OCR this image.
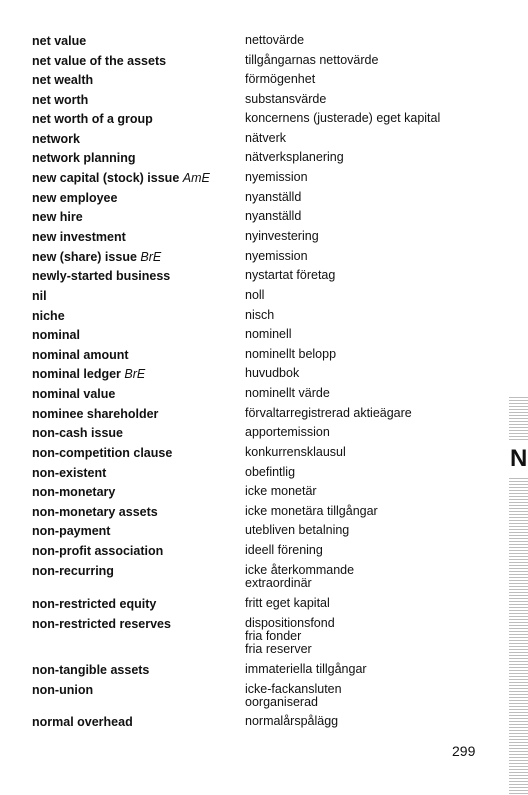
net value	nettovärde
net value of the assets	tillgångarnas nettovärde
net wealth	förmögenhet
net worth	substansvärde
net worth of a group	koncernens (justerade) eget kapital
network	nätverk
network planning	nätverksplanering
new capital (stock) issue AmE	nyemission
new employee	nyanställd
new hire	nyanställd
new investment	nyinvestering
new (share) issue BrE	nyemission
newly-started business	nystartat företag
nil	noll
niche	nisch
nominal	nominell
nominal amount	nominellt belopp
nominal ledger BrE	huvudbok
nominal value	nominellt värde
nominee shareholder	förvaltarregistrerad aktieägare
non-cash issue	apportemission
non-competition clause	konkurrensklausul
non-existent	obefintlig
non-monetary	icke monetär
non-monetary assets	icke monetära tillgångar
non-payment	utebliven betalning
non-profit association	ideell förening
non-recurring	icke återkommande
extraordinär
non-restricted equity	fritt eget kapital
non-restricted reserves	dispositionsfond
fria fonder
fria reserver
non-tangible assets	immateriella tillgångar
non-union	icke-fackansluten
oorganiserad
normal overhead	normalårspålägg
N
299
